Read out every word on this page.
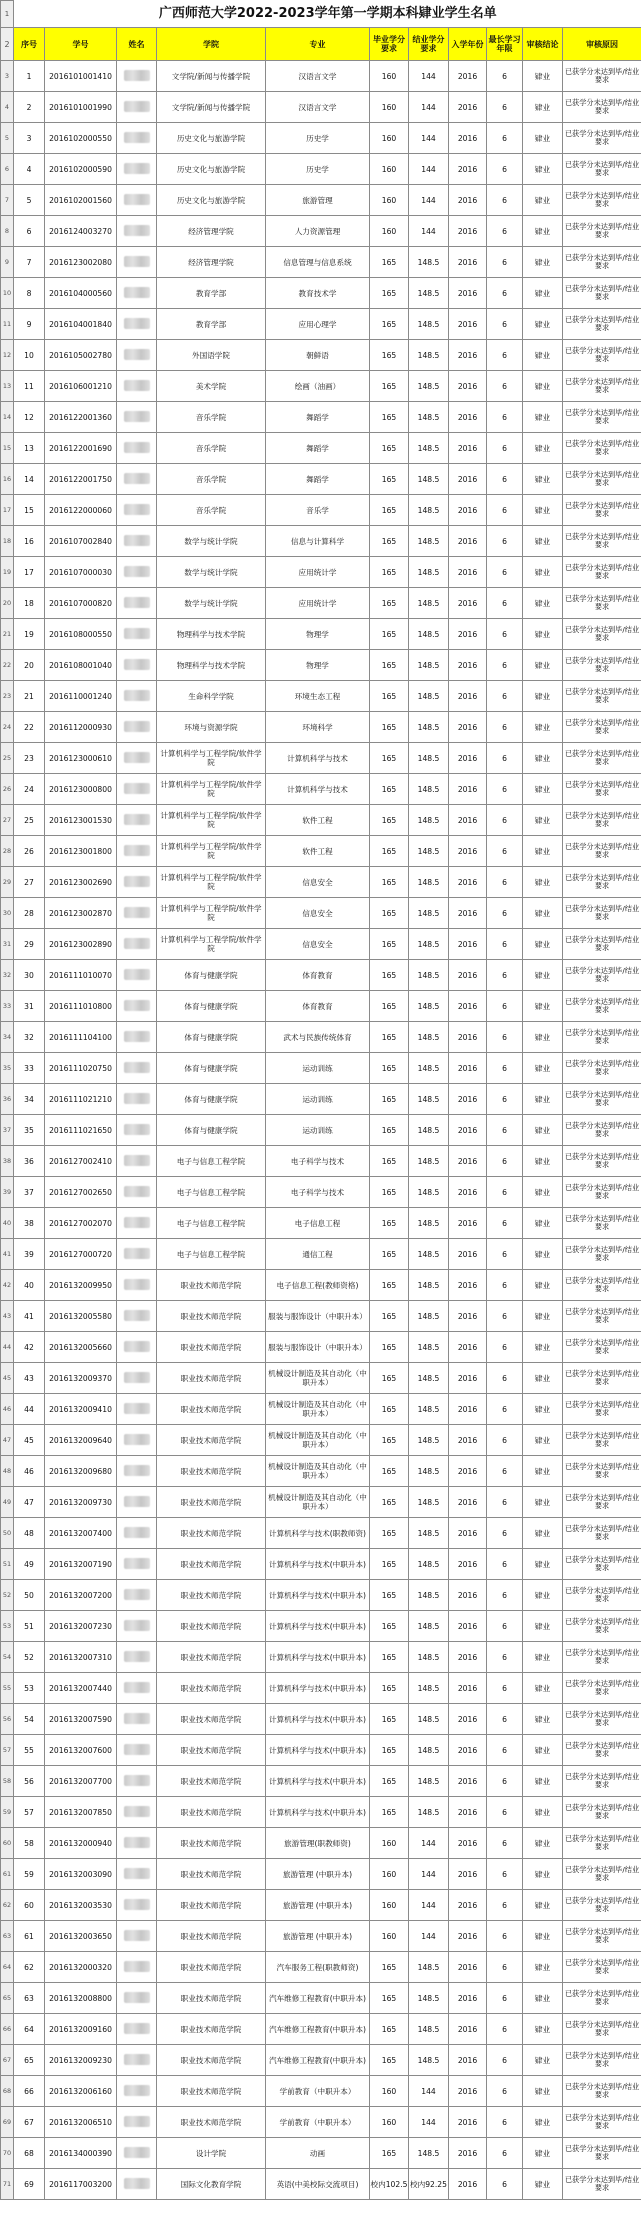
1	广西师范大学2022-2023学年第一学期本科肄业学生名单										
2	序号	学号	姓名	学院	专业	毕业学分要求	结业学分要求	入学年份	最长学习年限	审核结论	审核原因
3	1	2016101001410		文学院/新闻与传播学院	汉语言文学	160	144	2016	6	肄业	已获学分未达到毕/结业要求
4	2	2016101001990		文学院/新闻与传播学院	汉语言文学	160	144	2016	6	肄业	已获学分未达到毕/结业要求
5	3	2016102000550		历史文化与旅游学院	历史学	160	144	2016	6	肄业	已获学分未达到毕/结业要求
6	4	2016102000590		历史文化与旅游学院	历史学	160	144	2016	6	肄业	已获学分未达到毕/结业要求
7	5	2016102001560		历史文化与旅游学院	旅游管理	160	144	2016	6	肄业	已获学分未达到毕/结业要求
8	6	2016124003270		经济管理学院	人力资源管理	160	144	2016	6	肄业	已获学分未达到毕/结业要求
9	7	2016123002080		经济管理学院	信息管理与信息系统	165	148.5	2016	6	肄业	已获学分未达到毕/结业要求
10	8	2016104000560		教育学部	教育技术学	165	148.5	2016	6	肄业	已获学分未达到毕/结业要求
11	9	2016104001840		教育学部	应用心理学	165	148.5	2016	6	肄业	已获学分未达到毕/结业要求
12	10	2016105002780		外国语学院	朝鲜语	165	148.5	2016	6	肄业	已获学分未达到毕/结业要求
13	11	2016106001210		美术学院	绘画（油画）	165	148.5	2016	6	肄业	已获学分未达到毕/结业要求
14	12	2016122001360		音乐学院	舞蹈学	165	148.5	2016	6	肄业	已获学分未达到毕/结业要求
15	13	2016122001690		音乐学院	舞蹈学	165	148.5	2016	6	肄业	已获学分未达到毕/结业要求
16	14	2016122001750		音乐学院	舞蹈学	165	148.5	2016	6	肄业	已获学分未达到毕/结业要求
17	15	2016122000060		音乐学院	音乐学	165	148.5	2016	6	肄业	已获学分未达到毕/结业要求
18	16	2016107002840		数学与统计学院	信息与计算科学	165	148.5	2016	6	肄业	已获学分未达到毕/结业要求
19	17	2016107000030		数学与统计学院	应用统计学	165	148.5	2016	6	肄业	已获学分未达到毕/结业要求
20	18	2016107000820		数学与统计学院	应用统计学	165	148.5	2016	6	肄业	已获学分未达到毕/结业要求
21	19	2016108000550		物理科学与技术学院	物理学	165	148.5	2016	6	肄业	已获学分未达到毕/结业要求
22	20	2016108001040		物理科学与技术学院	物理学	165	148.5	2016	6	肄业	已获学分未达到毕/结业要求
23	21	2016110001240		生命科学学院	环境生态工程	165	148.5	2016	6	肄业	已获学分未达到毕/结业要求
24	22	2016112000930		环境与资源学院	环境科学	165	148.5	2016	6	肄业	已获学分未达到毕/结业要求
25	23	2016123000610		计算机科学与工程学院/软件学院	计算机科学与技术	165	148.5	2016	6	肄业	已获学分未达到毕/结业要求
26	24	2016123000800		计算机科学与工程学院/软件学院	计算机科学与技术	165	148.5	2016	6	肄业	已获学分未达到毕/结业要求
27	25	2016123001530		计算机科学与工程学院/软件学院	软件工程	165	148.5	2016	6	肄业	已获学分未达到毕/结业要求
28	26	2016123001800		计算机科学与工程学院/软件学院	软件工程	165	148.5	2016	6	肄业	已获学分未达到毕/结业要求
29	27	2016123002690		计算机科学与工程学院/软件学院	信息安全	165	148.5	2016	6	肄业	已获学分未达到毕/结业要求
30	28	2016123002870		计算机科学与工程学院/软件学院	信息安全	165	148.5	2016	6	肄业	已获学分未达到毕/结业要求
31	29	2016123002890		计算机科学与工程学院/软件学院	信息安全	165	148.5	2016	6	肄业	已获学分未达到毕/结业要求
32	30	2016111010070		体育与健康学院	体育教育	165	148.5	2016	6	肄业	已获学分未达到毕/结业要求
33	31	2016111010800		体育与健康学院	体育教育	165	148.5	2016	6	肄业	已获学分未达到毕/结业要求
34	32	2016111104100		体育与健康学院	武术与民族传统体育	165	148.5	2016	6	肄业	已获学分未达到毕/结业要求
35	33	2016111020750		体育与健康学院	运动训练	165	148.5	2016	6	肄业	已获学分未达到毕/结业要求
36	34	2016111021210		体育与健康学院	运动训练	165	148.5	2016	6	肄业	已获学分未达到毕/结业要求
37	35	2016111021650		体育与健康学院	运动训练	165	148.5	2016	6	肄业	已获学分未达到毕/结业要求
38	36	2016127002410		电子与信息工程学院	电子科学与技术	165	148.5	2016	6	肄业	已获学分未达到毕/结业要求
39	37	2016127002650		电子与信息工程学院	电子科学与技术	165	148.5	2016	6	肄业	已获学分未达到毕/结业要求
40	38	2016127002070		电子与信息工程学院	电子信息工程	165	148.5	2016	6	肄业	已获学分未达到毕/结业要求
41	39	2016127000720		电子与信息工程学院	通信工程	165	148.5	2016	6	肄业	已获学分未达到毕/结业要求
42	40	2016132009950		职业技术师范学院	电子信息工程(教师资格)	165	148.5	2016	6	肄业	已获学分未达到毕/结业要求
43	41	2016132005580		职业技术师范学院	服装与服饰设计（中职升本）	165	148.5	2016	6	肄业	已获学分未达到毕/结业要求
44	42	2016132005660		职业技术师范学院	服装与服饰设计（中职升本）	165	148.5	2016	6	肄业	已获学分未达到毕/结业要求
45	43	2016132009370		职业技术师范学院	机械设计制造及其自动化（中职升本）	165	148.5	2016	6	肄业	已获学分未达到毕/结业要求
46	44	2016132009410		职业技术师范学院	机械设计制造及其自动化（中职升本）	165	148.5	2016	6	肄业	已获学分未达到毕/结业要求
47	45	2016132009640		职业技术师范学院	机械设计制造及其自动化（中职升本）	165	148.5	2016	6	肄业	已获学分未达到毕/结业要求
48	46	2016132009680		职业技术师范学院	机械设计制造及其自动化（中职升本）	165	148.5	2016	6	肄业	已获学分未达到毕/结业要求
49	47	2016132009730		职业技术师范学院	机械设计制造及其自动化（中职升本）	165	148.5	2016	6	肄业	已获学分未达到毕/结业要求
50	48	2016132007400		职业技术师范学院	计算机科学与技术(职教师资)	165	148.5	2016	6	肄业	已获学分未达到毕/结业要求
51	49	2016132007190		职业技术师范学院	计算机科学与技术(中职升本)	165	148.5	2016	6	肄业	已获学分未达到毕/结业要求
52	50	2016132007200		职业技术师范学院	计算机科学与技术(中职升本)	165	148.5	2016	6	肄业	已获学分未达到毕/结业要求
53	51	2016132007230		职业技术师范学院	计算机科学与技术(中职升本)	165	148.5	2016	6	肄业	已获学分未达到毕/结业要求
54	52	2016132007310		职业技术师范学院	计算机科学与技术(中职升本)	165	148.5	2016	6	肄业	已获学分未达到毕/结业要求
55	53	2016132007440		职业技术师范学院	计算机科学与技术(中职升本)	165	148.5	2016	6	肄业	已获学分未达到毕/结业要求
56	54	2016132007590		职业技术师范学院	计算机科学与技术(中职升本)	165	148.5	2016	6	肄业	已获学分未达到毕/结业要求
57	55	2016132007600		职业技术师范学院	计算机科学与技术(中职升本)	165	148.5	2016	6	肄业	已获学分未达到毕/结业要求
58	56	2016132007700		职业技术师范学院	计算机科学与技术(中职升本)	165	148.5	2016	6	肄业	已获学分未达到毕/结业要求
59	57	2016132007850		职业技术师范学院	计算机科学与技术(中职升本)	165	148.5	2016	6	肄业	已获学分未达到毕/结业要求
60	58	2016132000940		职业技术师范学院	旅游管理(职教师资)	160	144	2016	6	肄业	已获学分未达到毕/结业要求
61	59	2016132003090		职业技术师范学院	旅游管理 (中职升本)	160	144	2016	6	肄业	已获学分未达到毕/结业要求
62	60	2016132003530		职业技术师范学院	旅游管理 (中职升本)	160	144	2016	6	肄业	已获学分未达到毕/结业要求
63	61	2016132003650		职业技术师范学院	旅游管理 (中职升本)	160	144	2016	6	肄业	已获学分未达到毕/结业要求
64	62	2016132000320		职业技术师范学院	汽车服务工程(职教师资)	165	148.5	2016	6	肄业	已获学分未达到毕/结业要求
65	63	2016132008800		职业技术师范学院	汽车维修工程教育(中职升本)	165	148.5	2016	6	肄业	已获学分未达到毕/结业要求
66	64	2016132009160		职业技术师范学院	汽车维修工程教育(中职升本)	165	148.5	2016	6	肄业	已获学分未达到毕/结业要求
67	65	2016132009230		职业技术师范学院	汽车维修工程教育(中职升本)	165	148.5	2016	6	肄业	已获学分未达到毕/结业要求
68	66	2016132006160		职业技术师范学院	学前教育（中职升本）	160	144	2016	6	肄业	已获学分未达到毕/结业要求
69	67	2016132006510		职业技术师范学院	学前教育（中职升本）	160	144	2016	6	肄业	已获学分未达到毕/结业要求
70	68	2016134000390		设计学院	动画	165	148.5	2016	6	肄业	已获学分未达到毕/结业要求
71	69	2016117003200		国际文化教育学院	英语(中美校际交流项目)	校内102.5	校内92.25	2016	6	肄业	已获学分未达到毕/结业要求
